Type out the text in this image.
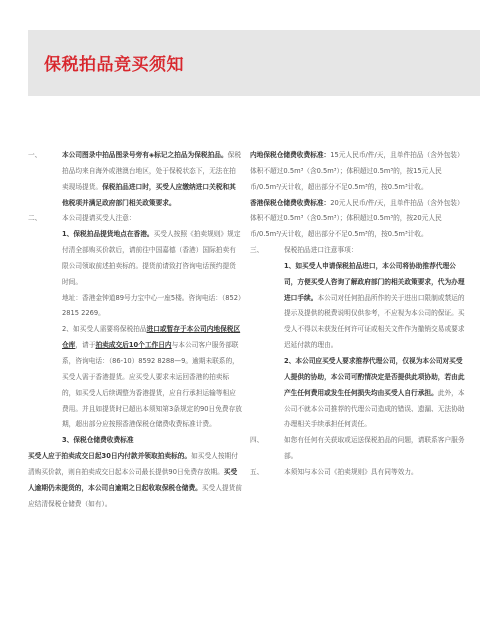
保税拍品竞买须知
一、	本公司图录中拍品图录号旁有◈标记之拍品为保税拍品。保税拍品均来自海外或港澳台地区，处于保税状态下，无法在拍卖现场提货。保税拍品进口时，买受人应缴纳进口关税和其他税项并满足政府部门相关政策要求。

二、	本公司提请买受人注意：

1、保税拍品提货地点在香港。买受人按照《拍卖规则》规定付清全部购买价款后，请前往中国嘉德（香港）国际拍卖有限公司领取前述拍卖标的。提货前请致打咨询电话预约提货时间。

地址：香港金钟道89号力宝中心一座5楼。咨询电话：（852）2815 2269。

2、如买受人需要将保税拍品进口或暂存于本公司内地保税区仓库，请于拍卖成交后10个工作日内与本公司客户服务部联系，咨询电话：（86-10）8592 8288—9。逾期未联系的，买受人需于香港提货。应买受人要求未运回香港的拍卖标的，如买受人后续调整为香港提货，应自行承担运输等相应费用。并且如提货时已超出本须知第3条规定的90日免费存放期，超出部分应按照香港保税仓储费收费标准计费。

3、保税仓储费收费标准

买受人应于拍卖成交日起30日内付款并领取拍卖标的。如买受人按期付清购买价款，则自拍卖成交日起本公司最长提供90日免费存放期。买受人逾期仍未提货的，本公司自逾期之日起收取保税仓储费。买受人提货前应结清保税仓储费（如有）。

内地保税仓储费收费标准：15元人民币/件/天，且单件拍品（含外包装）体积不超过0.5m³（含0.5m³）；体积超过0.5m³的，按15元人民币/0.5m³/天计收，超出部分不足0.5m³的，按0.5m³计收。

香港保税仓储费收费标准：20元人民币/件/天，且单件拍品（含外包装）体积不超过0.5m³（含0.5m³）；体积超过0.5m³的，按20元人民币/0.5m³/天计收，超出部分不足0.5m³的，按0.5m³计收。

三、	保税拍品进口注意事项：

1、如买受人申请保税拍品进口，本公司将协助推荐代理公司，方便买受人咨询了解政府部门的相关政策要求，代为办理进口手续。本公司对任何拍品所作的关于进出口限制或禁运的提示及提供的税费说明仅供参考，不应视为本公司的保证。买受人不得以未获发任何许可证或相关文件作为撤销交易或要求迟延付款的理由。

2、本公司应买受人要求推荐代理公司，仅视为本公司对买受人提供的协助，本公司可酌情决定是否提供此项协助，若由此产生任何费用或发生任何损失均由买受人自行承担。此外，本公司不就本公司推荐的代理公司造成的错误、遗漏、无法协助办理相关手续承担任何责任。

四、	如您有任何有关获取或运送保税拍品的问题，请联系客户服务部。

五、	本须知与本公司《拍卖规则》具有同等效力。
